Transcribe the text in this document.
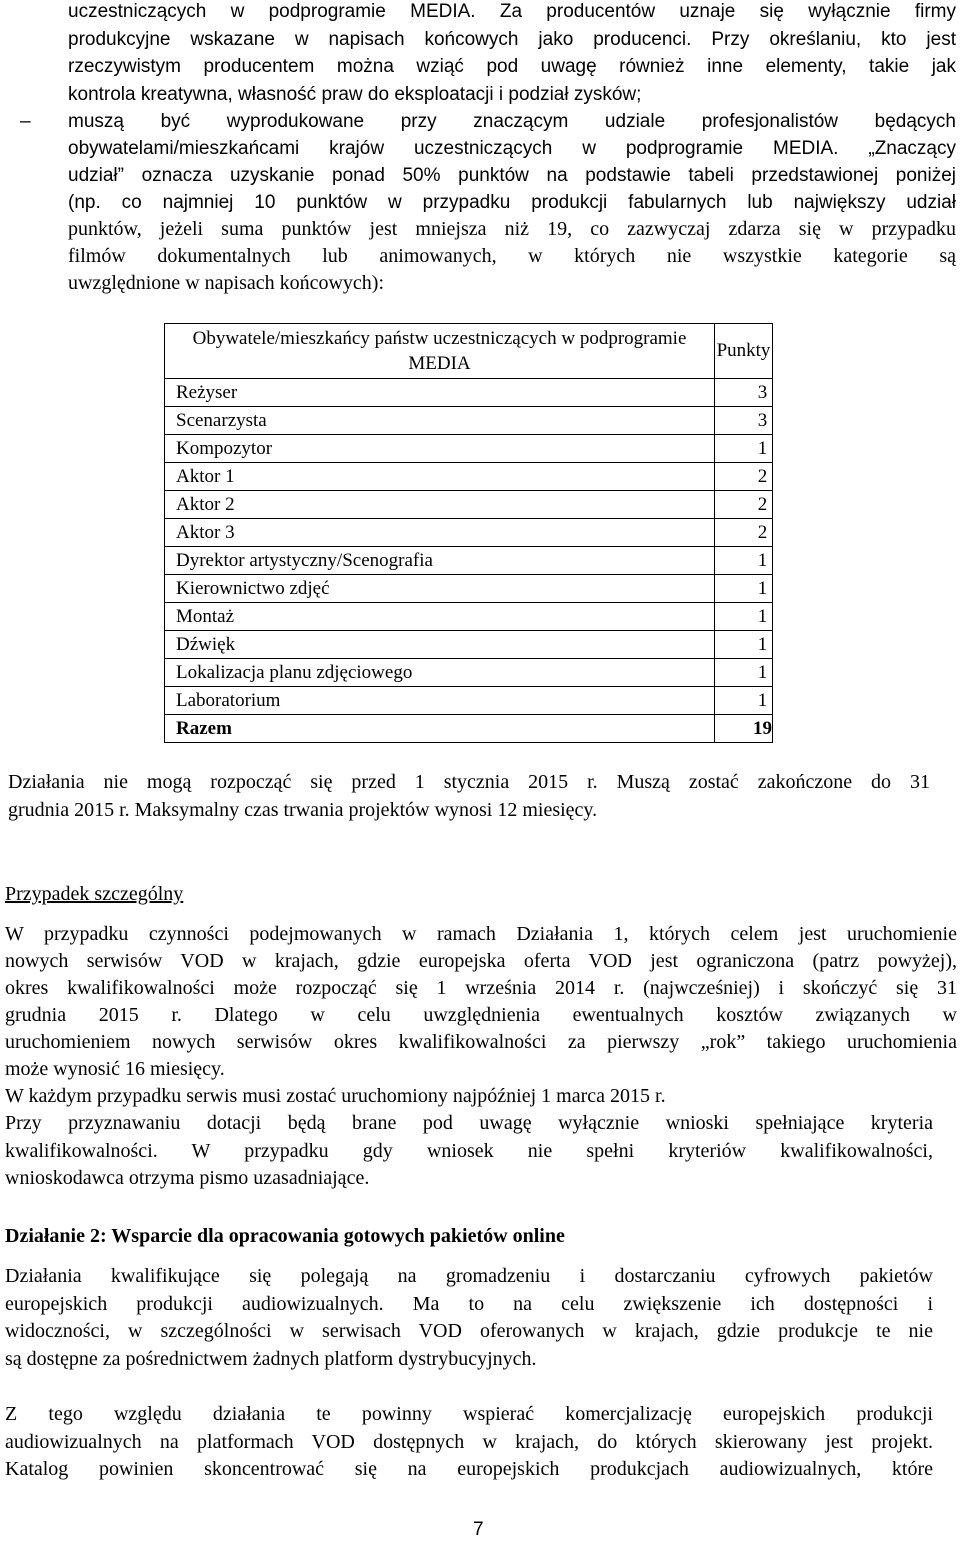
uczestniczących w podprogramie MEDIA. Za producentów uznaje się wyłącznie firmy
produkcyjne wskazane w napisach końcowych jako producenci. Przy określaniu, kto jest
rzeczywistym producentem można wziąć pod uwagę również inne elementy, takie jak
kontrola kreatywna, własność praw do eksploatacji i podział zysków;
– muszą być wyprodukowane przy znaczącym udziale profesjonalistów będących
obywatelami/mieszkańcami krajów uczestniczących w podprogramie MEDIA. „Znaczący
udział” oznacza uzyskanie ponad 50% punktów na podstawie tabeli przedstawionej poniżej
(np. co najmniej 10 punktów w przypadku produkcji fabularnych lub największy udział
punktów, jeżeli suma punktów jest mniejsza niż 19, co zazwyczaj zdarza się w przypadku
filmów dokumentalnych lub animowanych, w których nie wszystkie kategorie są
uwzględnione w napisach końcowych):
Obywatele/mieszkańcy państw uczestniczących w podprogramie MEDIA	Punkty
Reżyser	3
Scenarzysta	3
Kompozytor	1
Aktor 1	2
Aktor 2	2
Aktor 3	2
Dyrektor artystyczny/Scenografia	1
Kierownictwo zdjęć	1
Montaż	1
Dźwięk	1
Lokalizacja planu zdjęciowego	1
Laboratorium	1
Razem	19
Działania nie mogą rozpocząć się przed 1 stycznia 2015 r. Muszą zostać zakończone do 31
grudnia 2015 r. Maksymalny czas trwania projektów wynosi 12 miesięcy.
Przypadek szczególny
W przypadku czynności podejmowanych w ramach Działania 1, których celem jest uruchomienie
nowych serwisów VOD w krajach, gdzie europejska oferta VOD jest ograniczona (patrz powyżej),
okres kwalifikowalności może rozpocząć się 1 września 2014 r. (najwcześniej) i skończyć się 31
grudnia 2015 r. Dlatego w celu uwzględnienia ewentualnych kosztów związanych w
uruchomieniem nowych serwisów okres kwalifikowalności za pierwszy „rok” takiego uruchomienia
może wynosić 16 miesięcy.
W każdym przypadku serwis musi zostać uruchomiony najpóźniej 1 marca 2015 r.
Przy przyznawaniu dotacji będą brane pod uwagę wyłącznie wnioski spełniające kryteria
kwalifikowalności. W przypadku gdy wniosek nie spełni kryteriów kwalifikowalności,
wnioskodawca otrzyma pismo uzasadniające.
Działanie 2: Wsparcie dla opracowania gotowych pakietów online
Działania kwalifikujące się polegają na gromadzeniu i dostarczaniu cyfrowych pakietów
europejskich produkcji audiowizualnych. Ma to na celu zwiększenie ich dostępności i
widoczności, w szczególności w serwisach VOD oferowanych w krajach, gdzie produkcje te nie
są dostępne za pośrednictwem żadnych platform dystrybucyjnych.
Z tego względu działania te powinny wspierać komercjalizację europejskich produkcji
audiowizualnych na platformach VOD dostępnych w krajach, do których skierowany jest projekt.
Katalog powinien skoncentrować się na europejskich produkcjach audiowizualnych, które
7
